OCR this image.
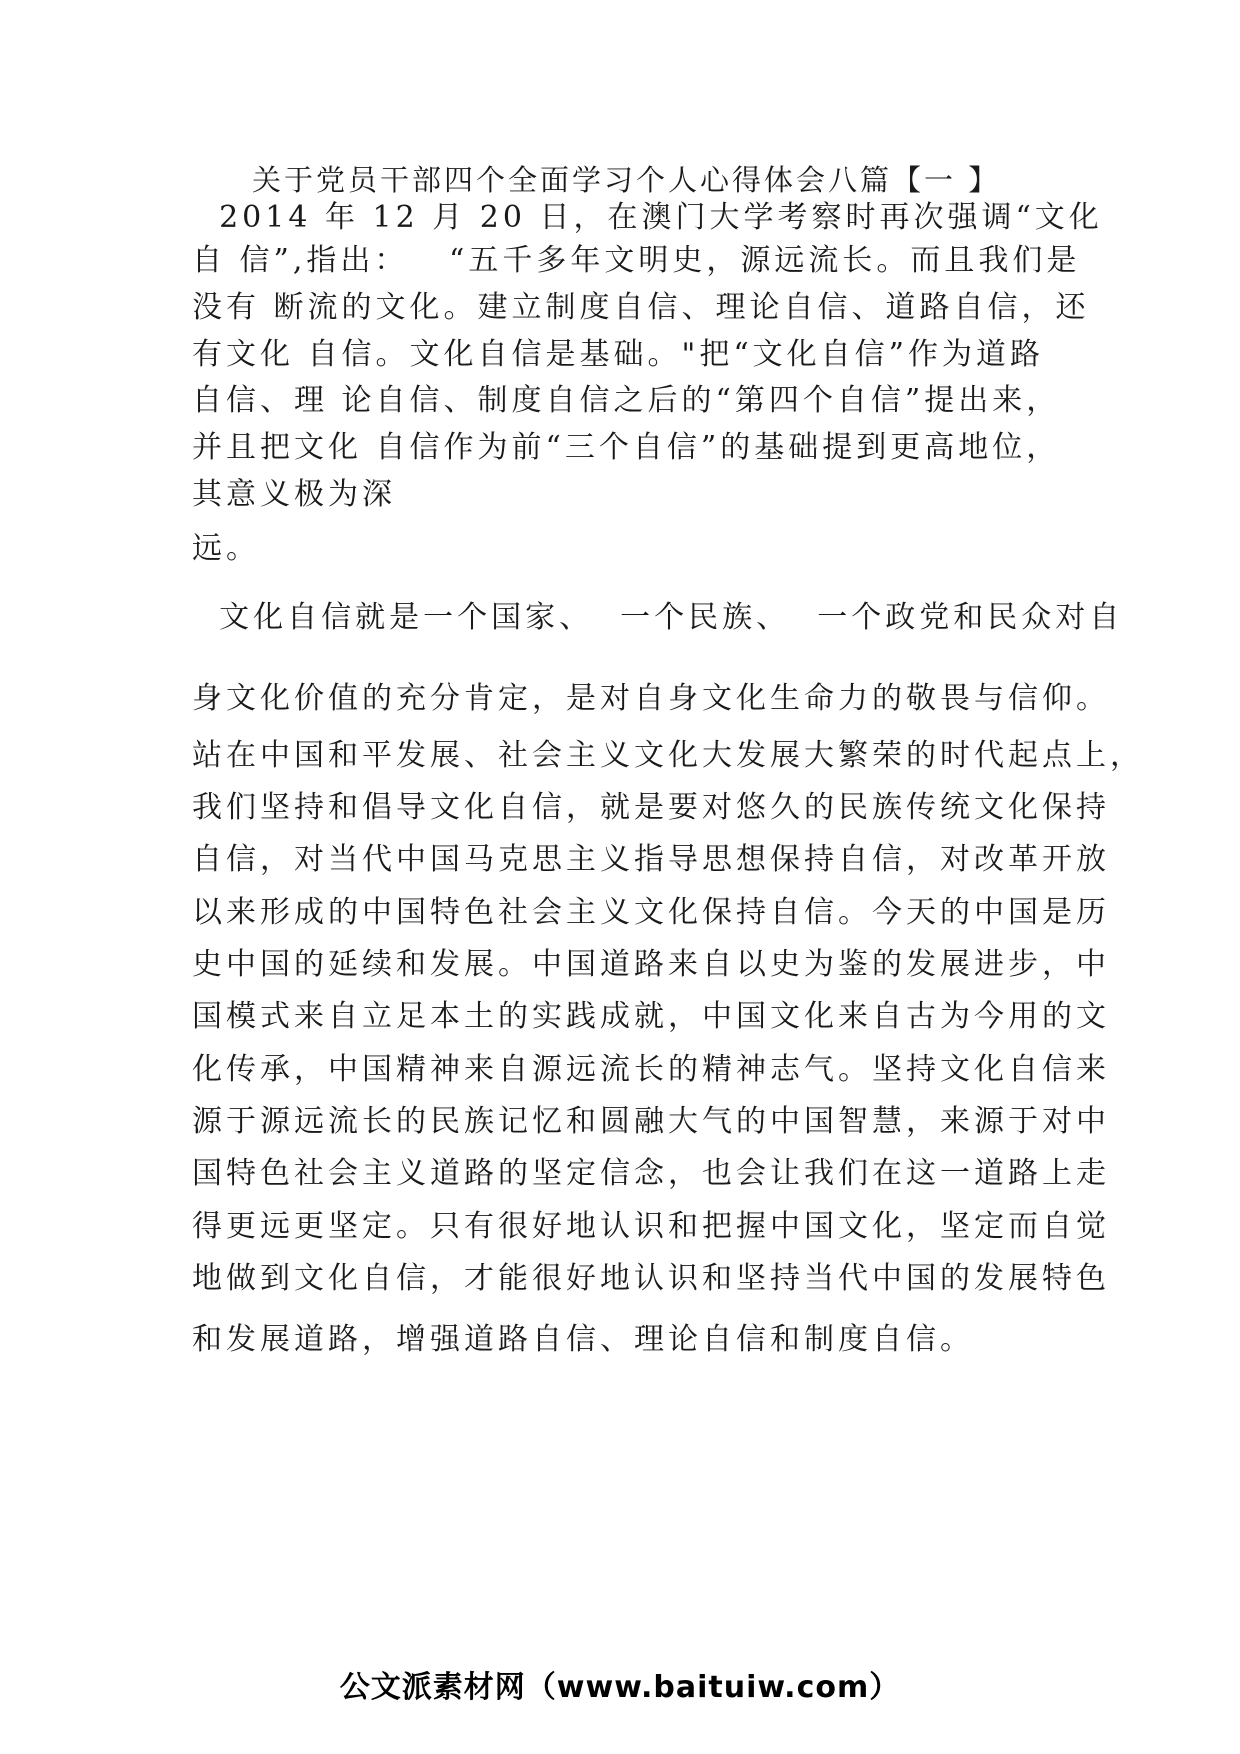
关于党员干部四个全面学习个人心得体会八篇【一 】
2014 年 12 月 20 日，在澳门大学考察时再次强调“文化
自 信”,指出：   “五千多年文明史，源远流长。而且我们是
没有 断流的文化。建立制度自信、理论自信、道路自信，还
有文化 自信。文化自信是基础。"把“文化自信”作为道路
自信、理 论自信、制度自信之后的“第四个自信”提出来，
并且把文化 自信作为前“三个自信”的基础提到更高地位，
其意义极为深
远。
文化自信就是一个国家、  一个民族、  一个政党和民众对自
身文化价值的充分肯定，是对自身文化生命力的敬畏与信仰。
站在中国和平发展、社会主义文化大发展大繁荣的时代起点上，
我们坚持和倡导文化自信，就是要对悠久的民族传统文化保持
自信，对当代中国马克思主义指导思想保持自信，对改革开放
以来形成的中国特色社会主义文化保持自信。今天的中国是历
史中国的延续和发展。中国道路来自以史为鉴的发展进步，中
国模式来自立足本土的实践成就，中国文化来自古为今用的文
化传承，中国精神来自源远流长的精神志气。坚持文化自信来
源于源远流长的民族记忆和圆融大气的中国智慧，来源于对中
国特色社会主义道路的坚定信念，也会让我们在这一道路上走
得更远更坚定。只有很好地认识和把握中国文化，坚定而自觉
地做到文化自信，才能很好地认识和坚持当代中国的发展特色
和发展道路，增强道路自信、理论自信和制度自信。
公文派素材网（www.baituiw.com）
